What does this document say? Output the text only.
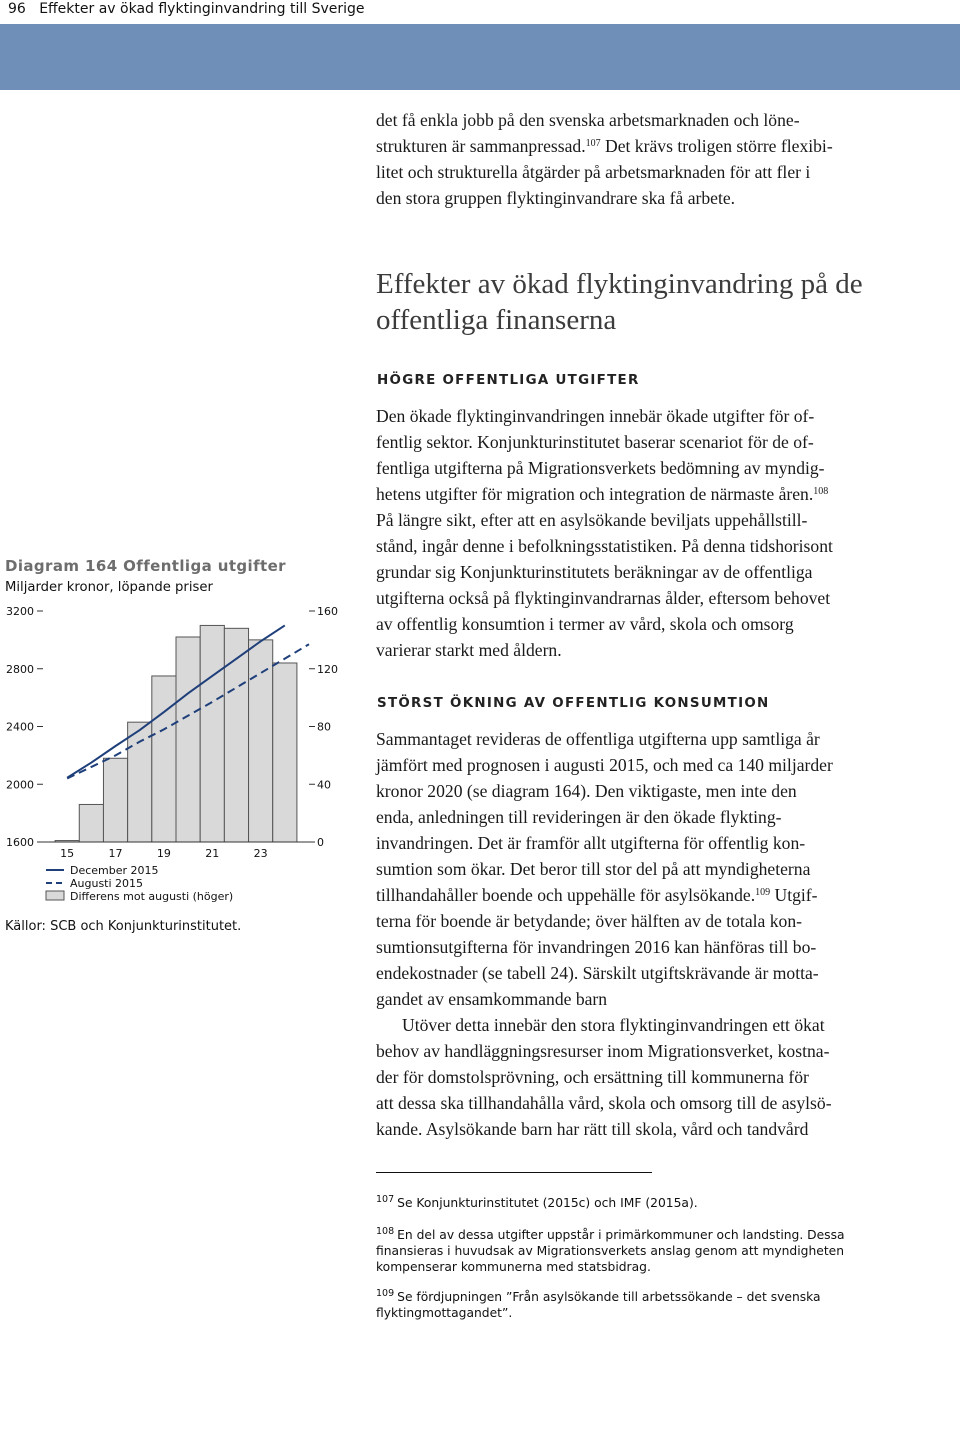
96 Effekter av ökad flyktinginvandring till Sverige

det få enkla jobb på den svenska arbetsmarknaden och löne-

strukturen är sammanpressad.$^{107}$ Det krävs troligen större flexibi-

litet och strukturella åtgärder på arbetsmarknaden för att fler i

den stora gruppen flyktinginvandrare ska få arbete.

Effekter av ökad flyktinginvandring på de
offentliga finanserna
HÖGRE OFFENTLIGA UTGIFTER

Den ökade flyktinginvandringen innebär ökade utgifter för of-

fentlig sektor. Konjunkturinstitutet baserar scenariot för de of-

fentliga utgifterna på Migrationsverkets bedömning av myndig-

hetens utgifter för migration och integration de närmaste åren.$^{108}$

På längre sikt, efter att en asylsökande beviljats uppehållstill-

stånd, ingår denne i befolkningsstatistiken. På denna tidshorisont

grundar sig Konjunkturinstitutets beräkningar av de offentliga

utgifterna också på flyktinginvandrarnas ålder, eftersom behovet

av offentlig konsumtion i termer av vård, skola och omsorg

varierar starkt med åldern.

STÖRST ÖKNING AV OFFENTLIG KONSUMTION

Sammantaget revideras de offentliga utgifterna upp samtliga år

jämfört med prognosen i augusti 2015, och med ca 140 miljarder

kronor 2020 (se diagram 164). Den viktigaste, men inte den

enda, anledningen till revideringen är den ökade flykting-

invandringen. Det är framför allt utgifterna för offentlig kon-

sumtion som ökar. Det beror till stor del på att myndigheterna

tillhandahåller boende och uppehälle för asylsökande.$^{109}$ Utgif-

terna för boende är betydande; över hälften av de totala kon-

sumtionsutgifterna för invandringen 2016 kan hänföras till bo-

endekostnader (se tabell 24). Särskilt utgiftskrävande är motta-

gandet av ensamkommande barn

Utöver detta innebär den stora flyktinginvandringen ett ökat

behov av handläggningsresurser inom Migrationsverket, kostna-

der för domstolsprövning, och ersättning till kommunerna för

att dessa ska tillhandahålla vård, skola och omsorg till de asylsö-

kande. Asylsökande barn har rätt till skola, vård och tandvård

$^{107}$ Se Konjunkturinstitutet (2015c) och IMF (2015a).
$^{108}$ En del av dessa utgifter uppstår i primärkommuner och landsting. Dessa
finansieras i huvudsak av Migrationsverkets anslag genom att myndigheten
kompenserar kommunerna med statsbidrag.
$^{109}$ Se fördjupningen ”Från asylsökande till arbetssökande – det svenska
flyktingmottagandet”.
Diagram 164 Offentliga utgifter
Miljarder kronor, löpande priser
1600
2000
2400
2800
3200
0
40
80
120
160
15	17	19	21	23
December 2015
Augusti 2015
Differens mot augusti (höger)
Källor: SCB och Konjunkturinstitutet.
